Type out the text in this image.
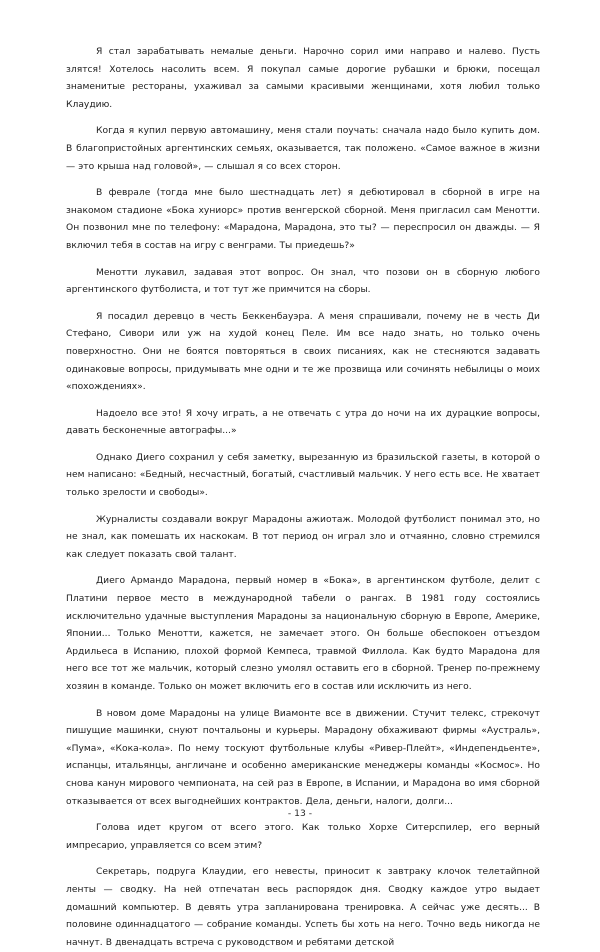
Я стал зарабатывать немалые деньги. Нарочно сорил ими направо и налево. Пусть злятся! Хотелось насолить всем. Я покупал самые дорогие рубашки и брюки, посещал знаменитые рестораны, ухаживал за самыми красивыми женщинами, хотя любил только Клаудию.

Когда я купил первую автомашину, меня стали поучать: сначала надо было купить дом. В благопристойных аргентинских семьях, оказывается, так положено. «Самое важное в жизни — это крыша над головой», — слышал я со всех сторон.

В феврале (тогда мне было шестнадцать лет) я дебютировал в сборной в игре на знакомом стадионе «Бока хуниорс» против венгерской сборной. Меня пригласил сам Менотти. Он позвонил мне по телефону: «Марадона, Марадона, это ты? — переспросил он дважды. — Я включил тебя в состав на игру с венграми. Ты приедешь?»

Менотти лукавил, задавая этот вопрос. Он знал, что позови он в сборную любого аргентинского футболиста, и тот тут же примчится на сборы.

Я посадил деревцо в честь Беккенбауэра. А меня спрашивали, почему не в честь Ди Стефано, Сивори или уж на худой конец Пеле. Им все надо знать, но только очень поверхностно. Они не боятся повторяться в своих писаниях, как не стесняются задавать одинаковые вопросы, придумывать мне одни и те же прозвища или сочинять небылицы о моих «похождениях».

Надоело все это! Я хочу играть, а не отвечать с утра до ночи на их дурацкие вопросы, давать бесконечные автографы...»

Однако Диего сохранил у себя заметку, вырезанную из бразильской газеты, в которой о нем написано: «Бедный, несчастный, богатый, счастливый мальчик. У него есть все. Не хватает только зрелости и свободы».

Журналисты создавали вокруг Марадоны ажиотаж. Молодой футболист понимал это, но не знал, как помешать их наскокам. В тот период он играл зло и отчаянно, словно стремился как следует показать свой талант.

Диего Армандо Марадона, первый номер в «Бока», в аргентинском футболе, делит с Платини первое место в международной табели о рангах. В 1981 году состоялись исключительно удачные выступления Марадоны за национальную сборную в Европе, Америке, Японии... Только Менотти, кажется, не замечает этого. Он больше обеспокоен отъездом Ардильеса в Испанию, плохой формой Кемпеса, травмой Филлола. Как будто Марадона для него все тот же мальчик, который слезно умолял оставить его в сборной. Тренер по-прежнему хозяин в команде. Только он может включить его в состав или исключить из него.

В новом доме Марадоны на улице Виамонте все в движении. Стучит телекс, стрекочут пишущие машинки, снуют почтальоны и курьеры. Марадону обхаживают фирмы «Аустраль», «Пума», «Кока-кола». По нему тоскуют футбольные клубы «Ривер-Плейт», «Индепендьенте», испанцы, итальянцы, англичане и особенно американские менеджеры команды «Космос». Но снова канун мирового чемпионата, на сей раз в Европе, в Испании, и Марадона во имя сборной отказывается от всех выгоднейших контрактов. Дела, деньги, налоги, долги...

Голова идет кругом от всего этого. Как только Хорхе Ситерспилер, его верный импресарио, управляется со всем этим?

Секретарь, подруга Клаудии, его невесты, приносит к завтраку клочок телетайпной ленты — сводку. На ней отпечатан весь распорядок дня. Сводку каждое утро выдает домашний компьютер. В девять утра запланирована тренировка. А сейчас уже десять... В половине одиннадцатого — собрание команды. Успеть бы хоть на него. Точно ведь никогда не начнут. В двенадцать встреча с руководством и ребятами детской

- 13 -
